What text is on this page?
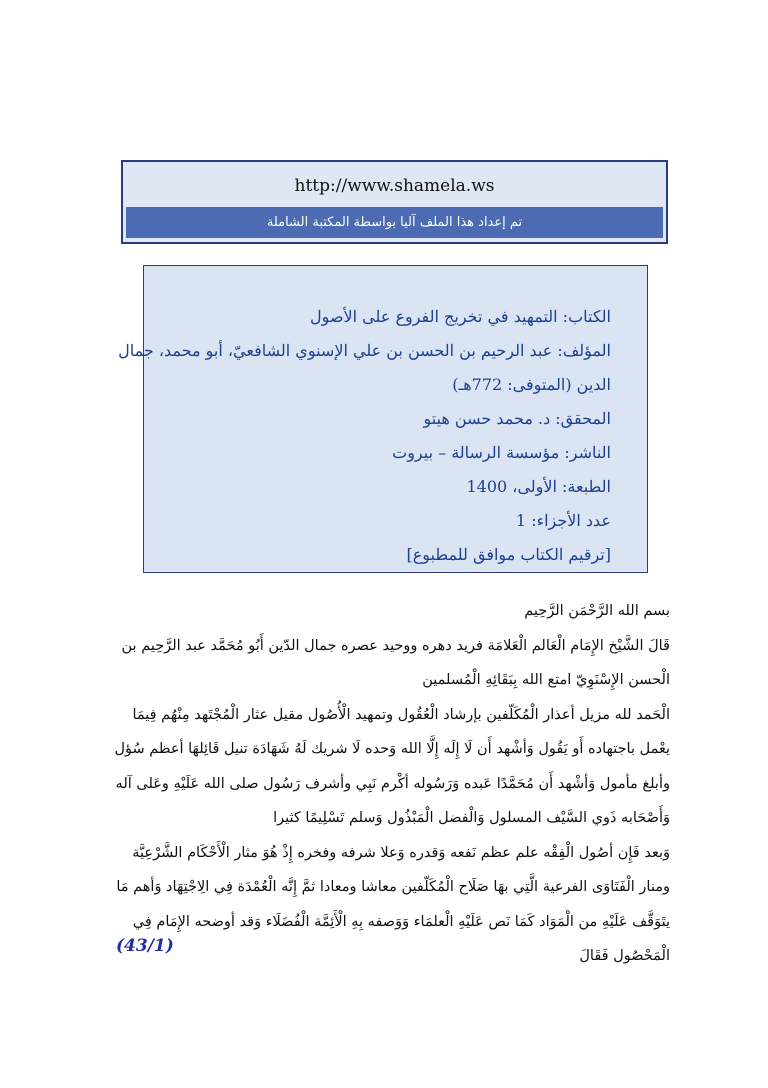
http://www.shamela.ws
تم إعداد هذا الملف آليا بواسطة المكتبة الشاملة
الكتاب: التمهيد في تخريج الفروع على الأصول
المؤلف: عبد الرحيم بن الحسن بن علي الإسنوي الشافعيّ، أبو محمد، جمال
الدين (المتوفى: 772هـ)
المحقق: د. محمد حسن هيتو
الناشر: مؤسسة الرسالة – بيروت
الطبعة: الأولى، 1400
عدد الأجزاء: 1
[ترقيم الكتاب موافق للمطبوع]

بسم الله الرَّحْمَن الرَّحِيم

قَالَ الشَّيْخ الإِمَام الْعَالم الْعَلامَة فريد دهره ووحيد عصره جمال الدّين أَبُو مُحَمَّد عبد الرَّحِيم بن الْحسن الإِسْنَوِيّ امتع الله بِبَقَائِهِ الْمُسلمين

الْحَمد لله مزيل أعذار الْمُكَلّفين بإرشاد الْعُقُول وتمهيد الْأُصُول مقيل عثار الْمُجْتَهد مِنْهُم فِيمَا يعْمل باجتهاده أَو يَقُول وَأشْهد أَن لَا إِلَه إِلَّا الله وَحده لَا شريك لَهُ شَهَادَة تنيل قَائِلهَا أعظم سُؤل وأبلغ مأمول وَأشْهد أَن مُحَمَّدًا عَبده وَرَسُوله أكْرم نَبِي وأشرف رَسُول صلى الله عَلَيْهِ وعَلى آله وَأَصْحَابه ذَوي السَّيْف المسلول وَالْفضل الْمَبْذُول وَسلم تَسْلِيمًا كثيرا

وَبعد فَإِن أصُول الْفِقْه علم عظم نَفعه وَقدره وَعلا شرفه وفخره إِذْ هُوَ مثار الْأَحْكَام الشَّرْعِيَّة ومنار الْفَتَاوَى الفرعية الَّتِي بهَا صَلَاح الْمُكَلّفين معاشا ومعادا ثمَّ إِنَّه الْعُمْدَة فِي الِاجْتِهَاد وَأهم مَا يتَوَقَّف عَلَيْهِ من الْمَوَاد كَمَا نَص عَلَيْهِ الْعلمَاء وَوَصفه بِهِ الْأَئِمَّة الْفُضَلَاء وَقد أوضحه الإِمَام فِي الْمَحْصُول فَقَالَ

(43/1)
